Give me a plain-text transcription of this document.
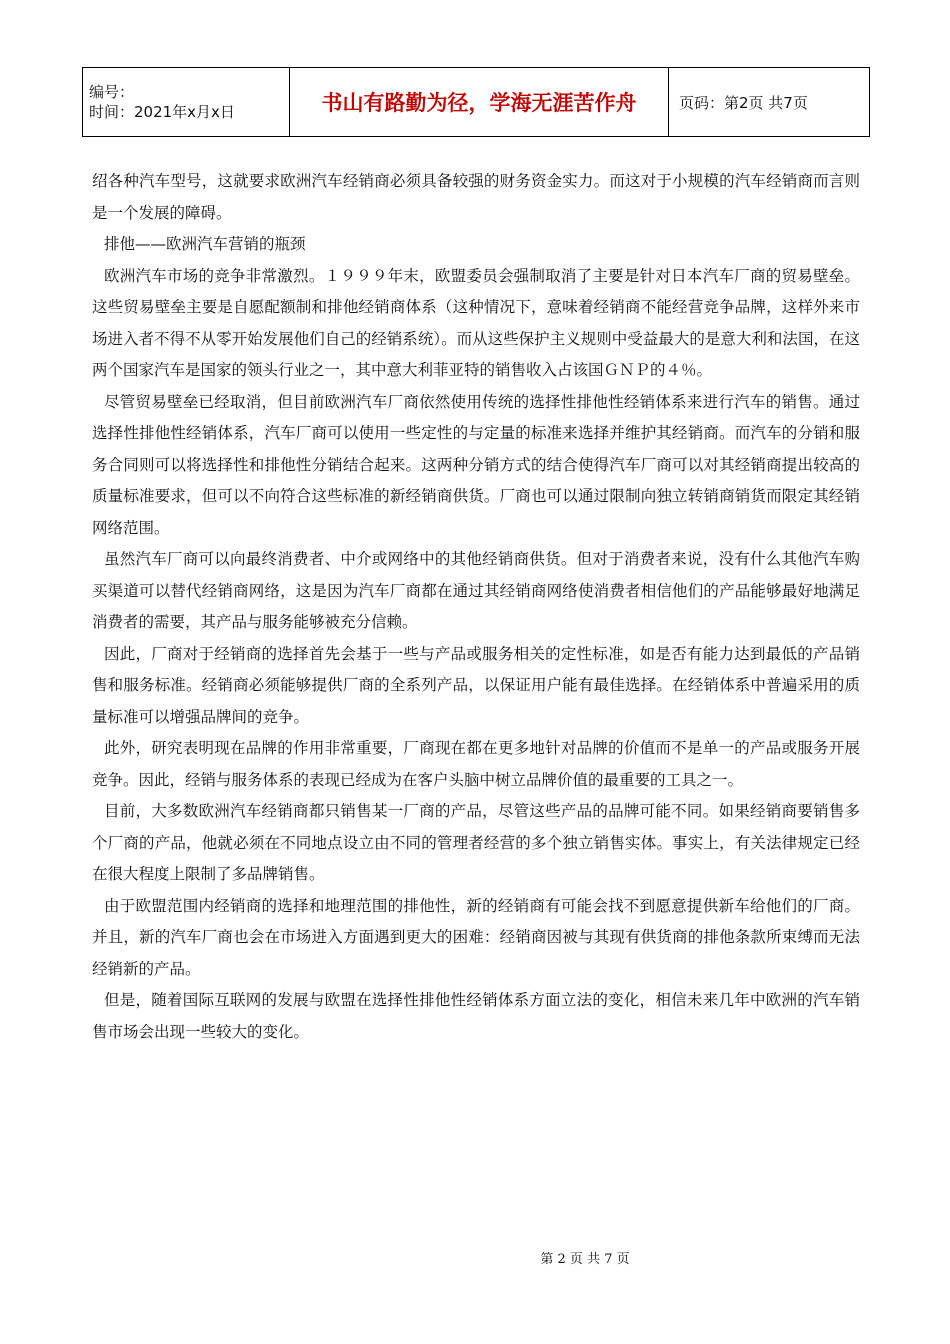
编号：
时间：2021年x月x日	书山有路勤为径，学海无涯苦作舟	页码：第2页 共7页

绍各种汽车型号，这就要求欧洲汽车经销商必须具备较强的财务资金实力。而这对于小规模的汽车经销商而言则是一个发展的障碍。

排他——欧洲汽车营销的瓶颈

欧洲汽车市场的竞争非常激烈。１９９９年末，欧盟委员会强制取消了主要是针对日本汽车厂商的贸易壁垒。这些贸易壁垒主要是自愿配额制和排他经销商体系（这种情况下，意味着经销商不能经营竞争品牌，这样外来市场进入者不得不从零开始发展他们自己的经销系统）。而从这些保护主义规则中受益最大的是意大利和法国，在这两个国家汽车是国家的领头行业之一，其中意大利菲亚特的销售收入占该国ＧＮＰ的４％。

尽管贸易壁垒已经取消，但目前欧洲汽车厂商依然使用传统的选择性排他性经销体系来进行汽车的销售。通过选择性排他性经销体系，汽车厂商可以使用一些定性的与定量的标准来选择并维护其经销商。而汽车的分销和服务合同则可以将选择性和排他性分销结合起来。这两种分销方式的结合使得汽车厂商可以对其经销商提出较高的质量标准要求，但可以不向符合这些标准的新经销商供货。厂商也可以通过限制向独立转销商销货而限定其经销网络范围。

虽然汽车厂商可以向最终消费者、中介或网络中的其他经销商供货。但对于消费者来说，没有什么其他汽车购买渠道可以替代经销商网络，这是因为汽车厂商都在通过其经销商网络使消费者相信他们的产品能够最好地满足消费者的需要，其产品与服务能够被充分信赖。

因此，厂商对于经销商的选择首先会基于一些与产品或服务相关的定性标准，如是否有能力达到最低的产品销售和服务标准。经销商必须能够提供厂商的全系列产品，以保证用户能有最佳选择。在经销体系中普遍采用的质量标准可以增强品牌间的竞争。

此外，研究表明现在品牌的作用非常重要，厂商现在都在更多地针对品牌的价值而不是单一的产品或服务开展竞争。因此，经销与服务体系的表现已经成为在客户头脑中树立品牌价值的最重要的工具之一。

目前，大多数欧洲汽车经销商都只销售某一厂商的产品，尽管这些产品的品牌可能不同。如果经销商要销售多个厂商的产品，他就必须在不同地点设立由不同的管理者经营的多个独立销售实体。事实上，有关法律规定已经在很大程度上限制了多品牌销售。

由于欧盟范围内经销商的选择和地理范围的排他性，新的经销商有可能会找不到愿意提供新车给他们的厂商。并且，新的汽车厂商也会在市场进入方面遇到更大的困难：经销商因被与其现有供货商的排他条款所束缚而无法经销新的产品。

但是，随着国际互联网的发展与欧盟在选择性排他性经销体系方面立法的变化，相信未来几年中欧洲的汽车销售市场会出现一些较大的变化。

第 2 页 共 7 页
